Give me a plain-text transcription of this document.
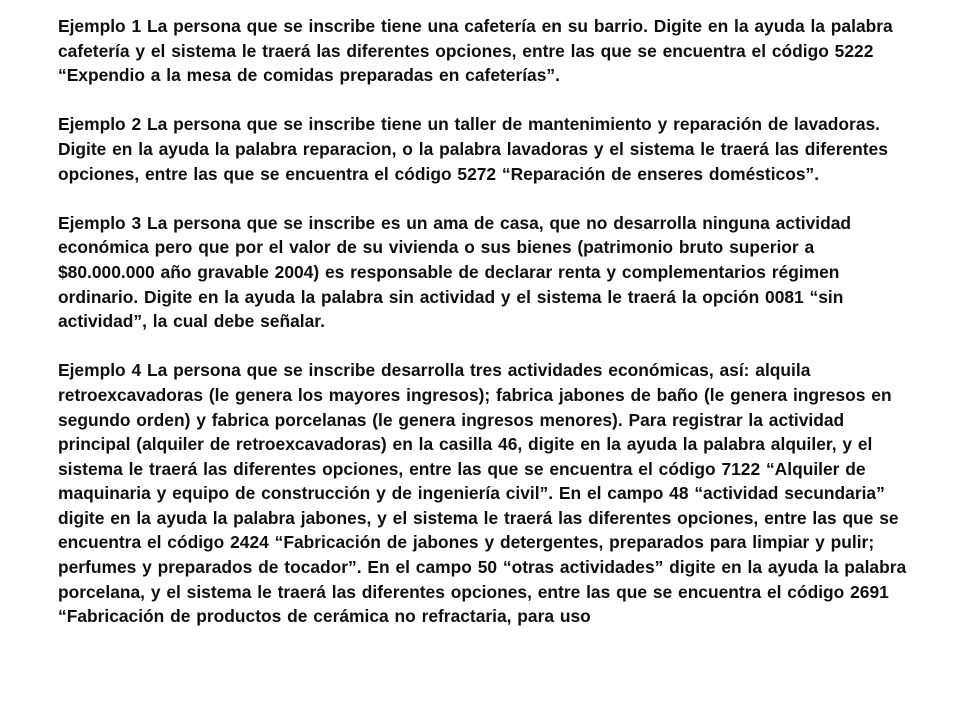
Ejemplo 1 La persona que se inscribe tiene una cafetería en su barrio. Digite en la ayuda la palabra cafetería y el sistema le traerá las diferentes opciones, entre las que se encuentra el código 5222 “Expendio a la mesa de comidas preparadas en cafeterías”.

Ejemplo 2 La persona que se inscribe tiene un taller de mantenimiento y reparación de lavadoras. Digite en la ayuda la palabra reparacion, o la palabra lavadoras y el sistema le traerá las diferentes opciones, entre las que se encuentra el código 5272 “Reparación de enseres domésticos”.

Ejemplo 3 La persona que se inscribe es un ama de casa, que no desarrolla ninguna actividad económica pero que por el valor de su vivienda o sus bienes (patrimonio bruto superior a $80.000.000 año gravable 2004) es responsable de declarar renta y complementarios régimen ordinario. Digite en la ayuda la palabra sin actividad y el sistema le traerá la opción 0081 “sin actividad”, la cual debe señalar.

Ejemplo 4 La persona que se inscribe desarrolla tres actividades económicas, así: alquila retroexcavadoras (le genera los mayores ingresos); fabrica jabones de baño (le genera ingresos en segundo orden) y fabrica porcelanas (le genera ingresos menores). Para registrar la actividad principal (alquiler de retroexcavadoras) en la casilla 46, digite en la ayuda la palabra alquiler, y el sistema le traerá las diferentes opciones, entre las que se encuentra el código 7122 “Alquiler de maquinaria y equipo de construcción y de ingeniería civil”. En el campo 48 “actividad secundaria” digite en la ayuda la palabra jabones, y el sistema le traerá las diferentes opciones, entre las que se encuentra el código 2424 “Fabricación de jabones y detergentes, preparados para limpiar y pulir; perfumes y preparados de tocador”. En el campo 50 “otras actividades” digite en la ayuda la palabra porcelana, y el sistema le traerá las diferentes opciones, entre las que se encuentra el código 2691 “Fabricación de productos de cerámica no refractaria, para uso
